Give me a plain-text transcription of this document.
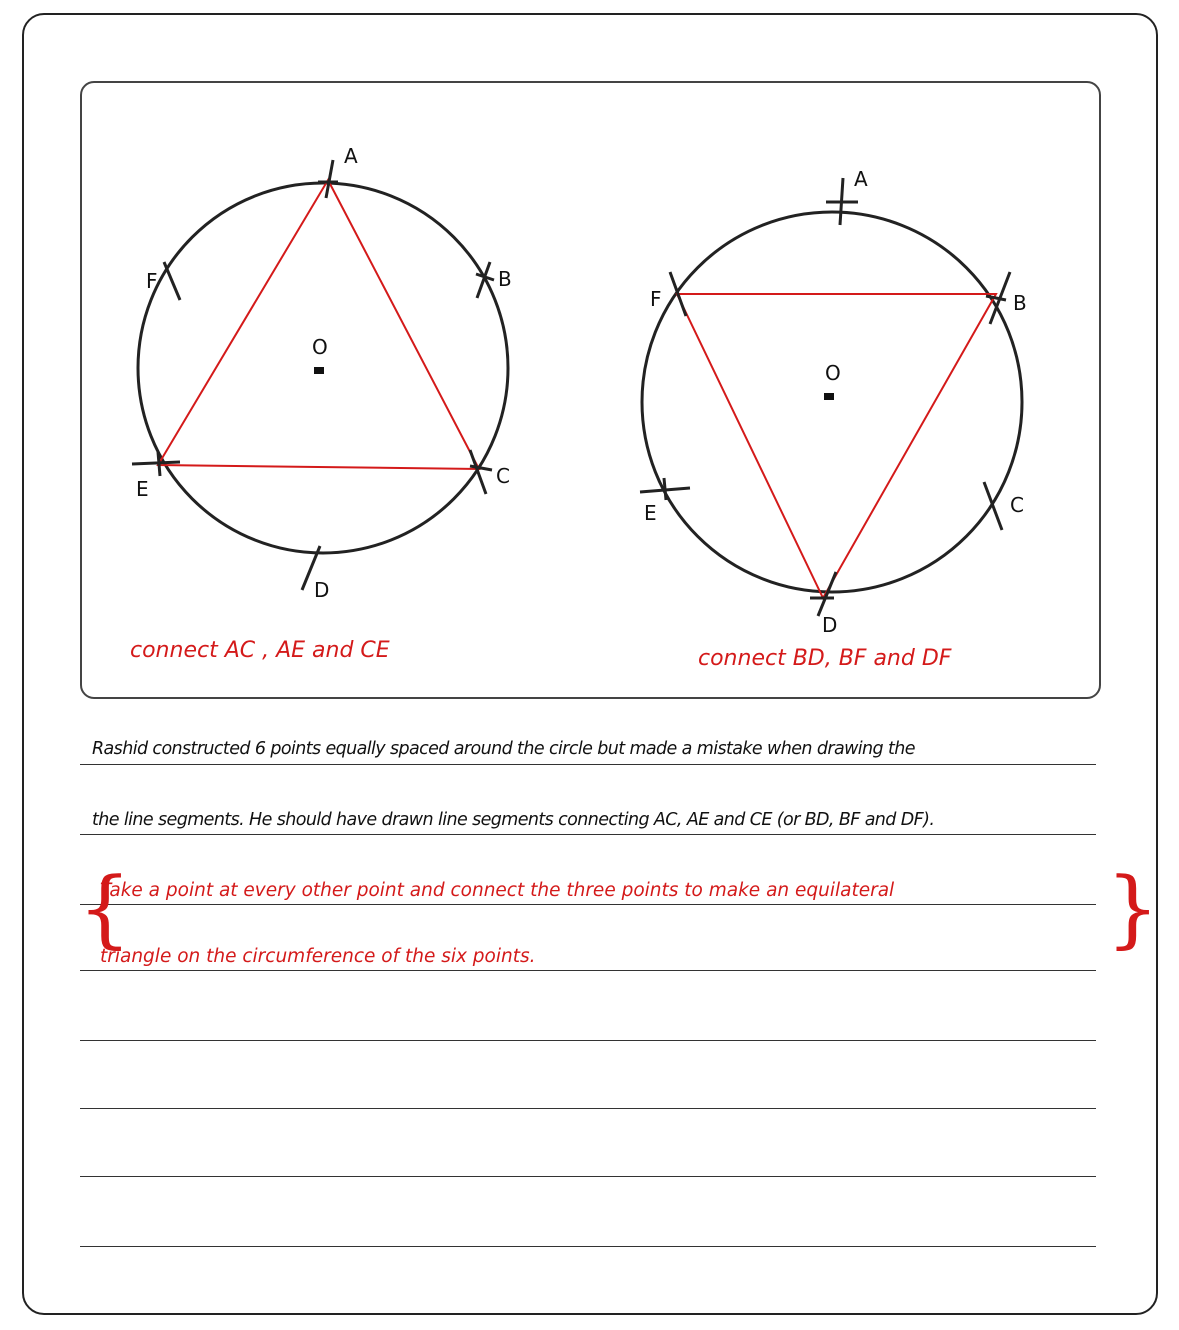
A
B
C
D
E
F
O
A
B
C
D
E
F
O
connect AC , AE and CE	connect BD, BF and DF
Rashid constructed 6 points equally spaced around the circle but made a mistake when drawing the
the line segments. He should have drawn line segments connecting AC, AE and CE (or BD, BF and DF).
{
Take a point at every other point and connect the three points to make an equilateral
triangle on the circumference of the six points.	}
